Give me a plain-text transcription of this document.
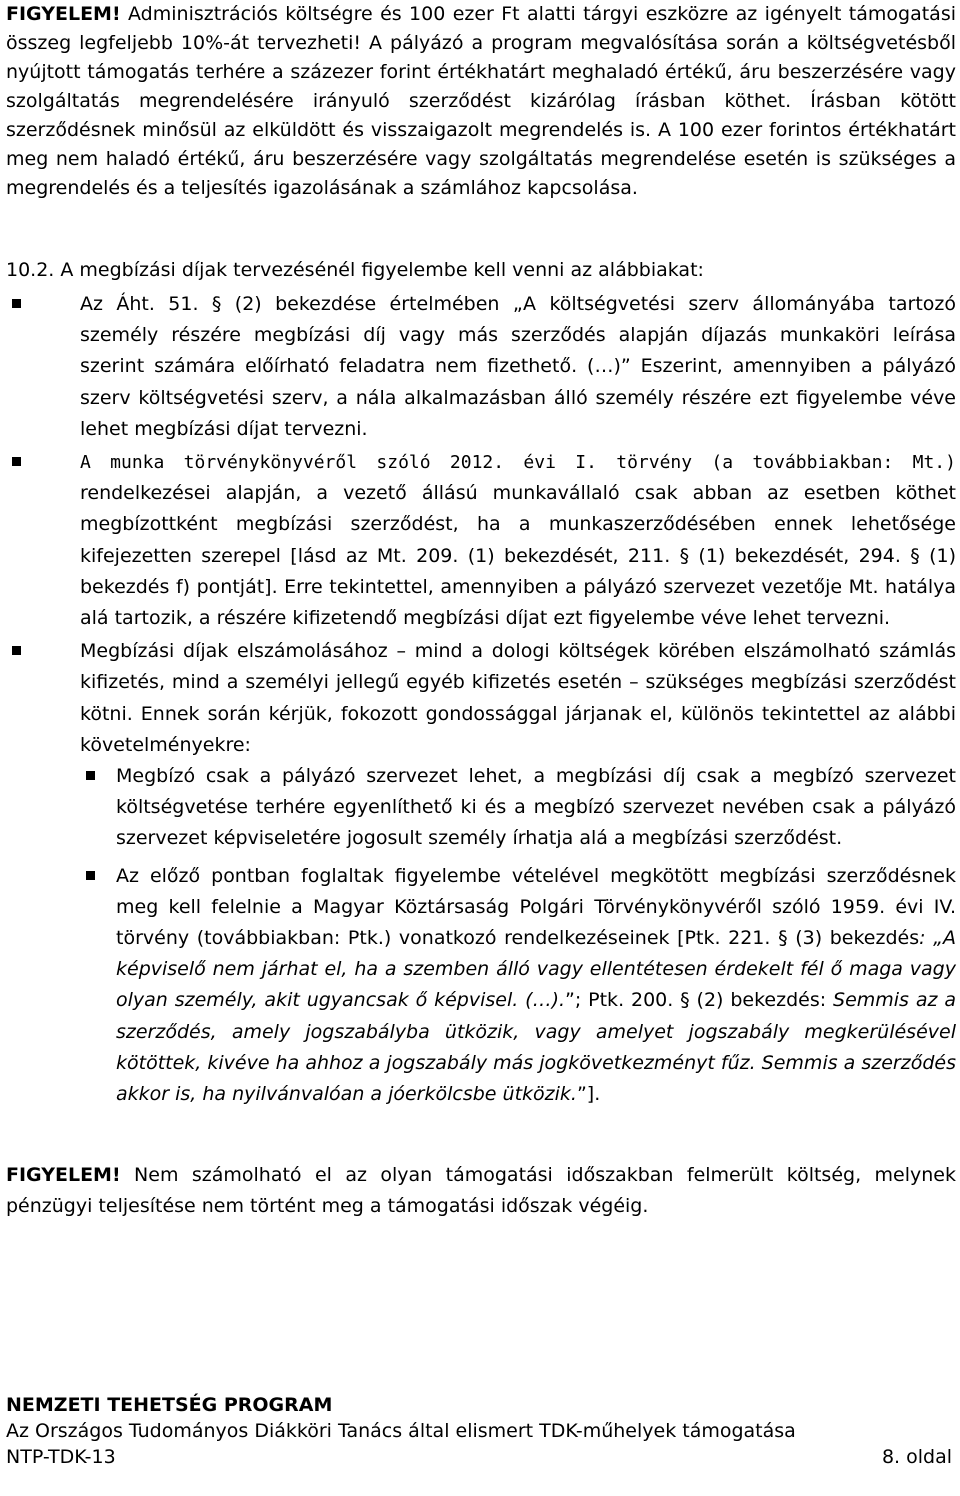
FIGYELEM! Adminisztrációs költségre és 100 ezer Ft alatti tárgyi eszközre az igényelt támogatási összeg legfeljebb 10%-át tervezheti! A pályázó a program megvalósítása során a költségvetésből nyújtott támogatás terhére a százezer forint értékhatárt meghaladó értékű, áru beszerzésére vagy szolgáltatás megrendelésére irányuló szerződést kizárólag írásban köthet. Írásban kötött szerződésnek minősül az elküldött és visszaigazolt megrendelés is. A 100 ezer forintos értékhatárt meg nem haladó értékű, áru beszerzésére vagy szolgáltatás megrendelése esetén is szükséges a megrendelés és a teljesítés igazolásának a számlához kapcsolása.

10.2. A megbízási díjak tervezésénél figyelembe kell venni az alábbiakat:

Az Áht. 51. § (2) bekezdése értelmében „A költségvetési szerv állományába tartozó személy részére megbízási díj vagy más szerződés alapján díjazás munkaköri leírása szerint számára előírható feladatra nem fizethető. (…)” Eszerint, amennyiben a pályázó szerv költségvetési szerv, a nála alkalmazásban álló személy részére ezt figyelembe véve lehet megbízási díjat tervezni.
A munka törvénykönyvéről szóló 2012. évi I. törvény (a továbbiakban: Mt.) rendelkezései alapján, a vezető állású munkavállaló csak abban az esetben köthet megbízottként megbízási szerződést, ha a munkaszerződésében ennek lehetősége kifejezetten szerepel [lásd az Mt. 209. (1) bekezdését, 211. § (1) bekezdését, 294. § (1) bekezdés f) pontját]. Erre tekintettel, amennyiben a pályázó szervezet vezetője Mt. hatálya alá tartozik, a részére kifizetendő megbízási díjat ezt figyelembe véve lehet tervezni.
Megbízási díjak elszámolásához – mind a dologi költségek körében elszámolható számlás kifizetés, mind a személyi jellegű egyéb kifizetés esetén – szükséges megbízási szerződést kötni. Ennek során kérjük, fokozott gondossággal járjanak el, különös tekintettel az alábbi követelményekre:
Megbízó csak a pályázó szervezet lehet, a megbízási díj csak a megbízó szervezet költségvetése terhére egyenlíthető ki és a megbízó szervezet nevében csak a pályázó szervezet képviseletére jogosult személy írhatja alá a megbízási szerződést.
Az előző pontban foglaltak figyelembe vételével megkötött megbízási szerződésnek meg kell felelnie a Magyar Köztársaság Polgári Törvénykönyvéről szóló 1959. évi IV. törvény (továbbiakban: Ptk.) vonatkozó rendelkezéseinek [Ptk. 221. § (3) bekezdés: „A képviselő nem járhat el, ha a szemben álló vagy ellentétesen érdekelt fél ő maga vagy olyan személy, akit ugyancsak ő képvisel. (…).”; Ptk. 200. § (2) bekezdés: Semmis az a szerződés, amely jogszabályba ütközik, vagy amelyet jogszabály megkerülésével kötöttek, kivéve ha ahhoz a jogszabály más jogkövetkezményt fűz. Semmis a szerződés akkor is, ha nyilvánvalóan a jóerkölcsbe ütközik.”].

FIGYELEM! Nem számolható el az olyan támogatási időszakban felmerült költség, melynek pénzügyi teljesítése nem történt meg a támogatási időszak végéig.

NEMZETI TEHETSÉG PROGRAM
Az Országos Tudományos Diákköri Tanács által elismert TDK-műhelyek támogatása
NTP-TDK-13	8. oldal
